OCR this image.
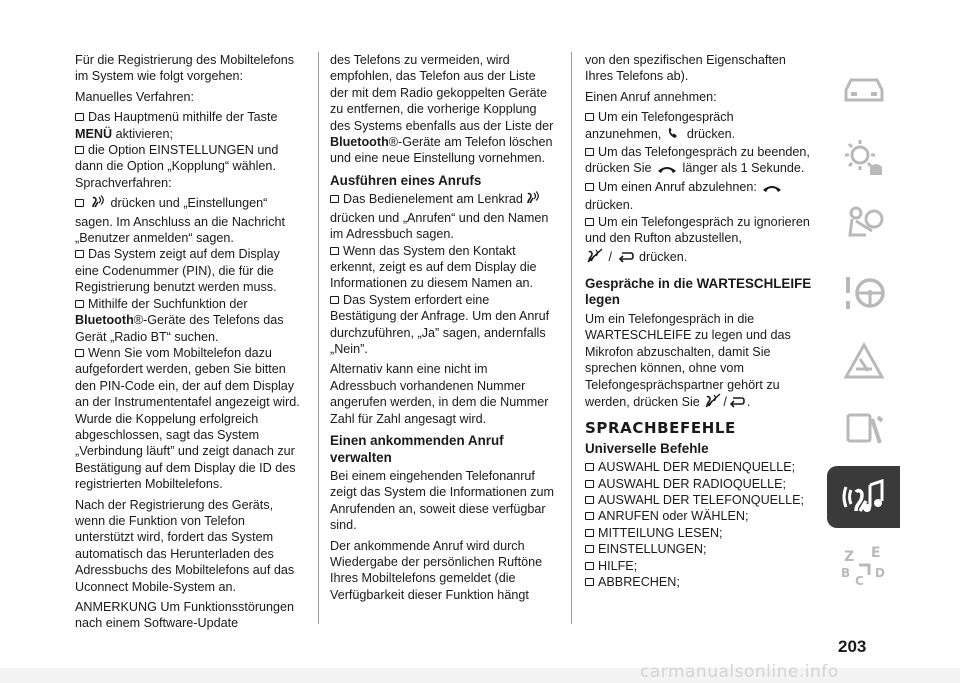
Für die Registrierung des Mobiltelefons im System wie folgt vorgehen:
Manuelles Verfahren:
Das Hauptmenü mithilfe der Taste MENÜ aktivieren;
die Option EINSTELLUNGEN und dann die Option „Kopplung“ wählen.
Sprachverfahren:
drücken und „Einstellungen“ sagen. Im Anschluss an die Nachricht „Benutzer anmelden“ sagen.
Das System zeigt auf dem Display eine Codenummer (PIN), die für die Registrierung benutzt werden muss.
Mithilfe der Suchfunktion der Bluetooth®-Geräte des Telefons das Gerät „Radio BT“ suchen.
Wenn Sie vom Mobiltelefon dazu aufgefordert werden, geben Sie bitten den PIN-Code ein, der auf dem Display an der Instrumententafel angezeigt wird. Wurde die Koppelung erfolgreich abgeschlossen, sagt das System „Verbindung läuft” und zeigt danach zur Bestätigung auf dem Display die ID des registrierten Mobiltelefons.
Nach der Registrierung des Geräts, wenn die Funktion von Telefon unterstützt wird, fordert das System automatisch das Herunterladen des Adressbuchs des Mobiltelefons auf das Uconnect Mobile-System an.
ANMERKUNG Um Funktionsstörungen nach einem Software-Update
des Telefons zu vermeiden, wird empfohlen, das Telefon aus der Liste der mit dem Radio gekoppelten Geräte zu entfernen, die vorherige Kopplung des Systems ebenfalls aus der Liste der Bluetooth®-Geräte am Telefon löschen und eine neue Einstellung vornehmen.
Ausführen eines Anrufs
Das Bedienelement am Lenkrad drücken und „Anrufen“ und den Namen im Adressbuch sagen.
Wenn das System den Kontakt erkennt, zeigt es auf dem Display die Informationen zu diesem Namen an.
Das System erfordert eine Bestätigung der Anfrage. Um den Anruf durchzuführen, „Ja” sagen, andernfalls „Nein”.
Alternativ kann eine nicht im Adressbuch vorhandenen Nummer angerufen werden, in dem die Nummer Zahl für Zahl angesagt wird.
Einen ankommenden Anruf verwalten
Bei einem eingehenden Telefonanruf zeigt das System die Informationen zum Anrufenden an, soweit diese verfügbar sind.
Der ankommende Anruf wird durch Wiedergabe der persönlichen Ruftöne Ihres Mobiltelefons gemeldet (die Verfügbarkeit dieser Funktion hängt
von den spezifischen Eigenschaften Ihres Telefons ab).
Einen Anruf annehmen:
Um ein Telefongespräch anzunehmen, drücken.
Um das Telefongespräch zu beenden, drücken Sie länger als 1 Sekunde.
Um einen Anruf abzulehnen:  drücken.
Um ein Telefongespräch zu ignorieren und den Rufton abzustellen,
/ drücken.
Gespräche in die WARTESCHLEIFE legen
Um ein Telefongespräch in die WARTESCHLEIFE zu legen und das Mikrofon abzuschalten, damit Sie sprechen können, ohne vom Telefongesprächspartner gehört zu werden, drücken Sie / .
SPRACHBEFEHLE
Universelle Befehle
AUSWAHL DER MEDIENQUELLE;
AUSWAHL DER RADIOQUELLE;
AUSWAHL DER TELEFONQUELLE;
ANRUFEN oder WÄHLEN;
MITTEILUNG LESEN;
EINSTELLUNGEN;
HILFE;
ABBRECHEN;
Z E
B
C
D
203
carmanualsonline.info
